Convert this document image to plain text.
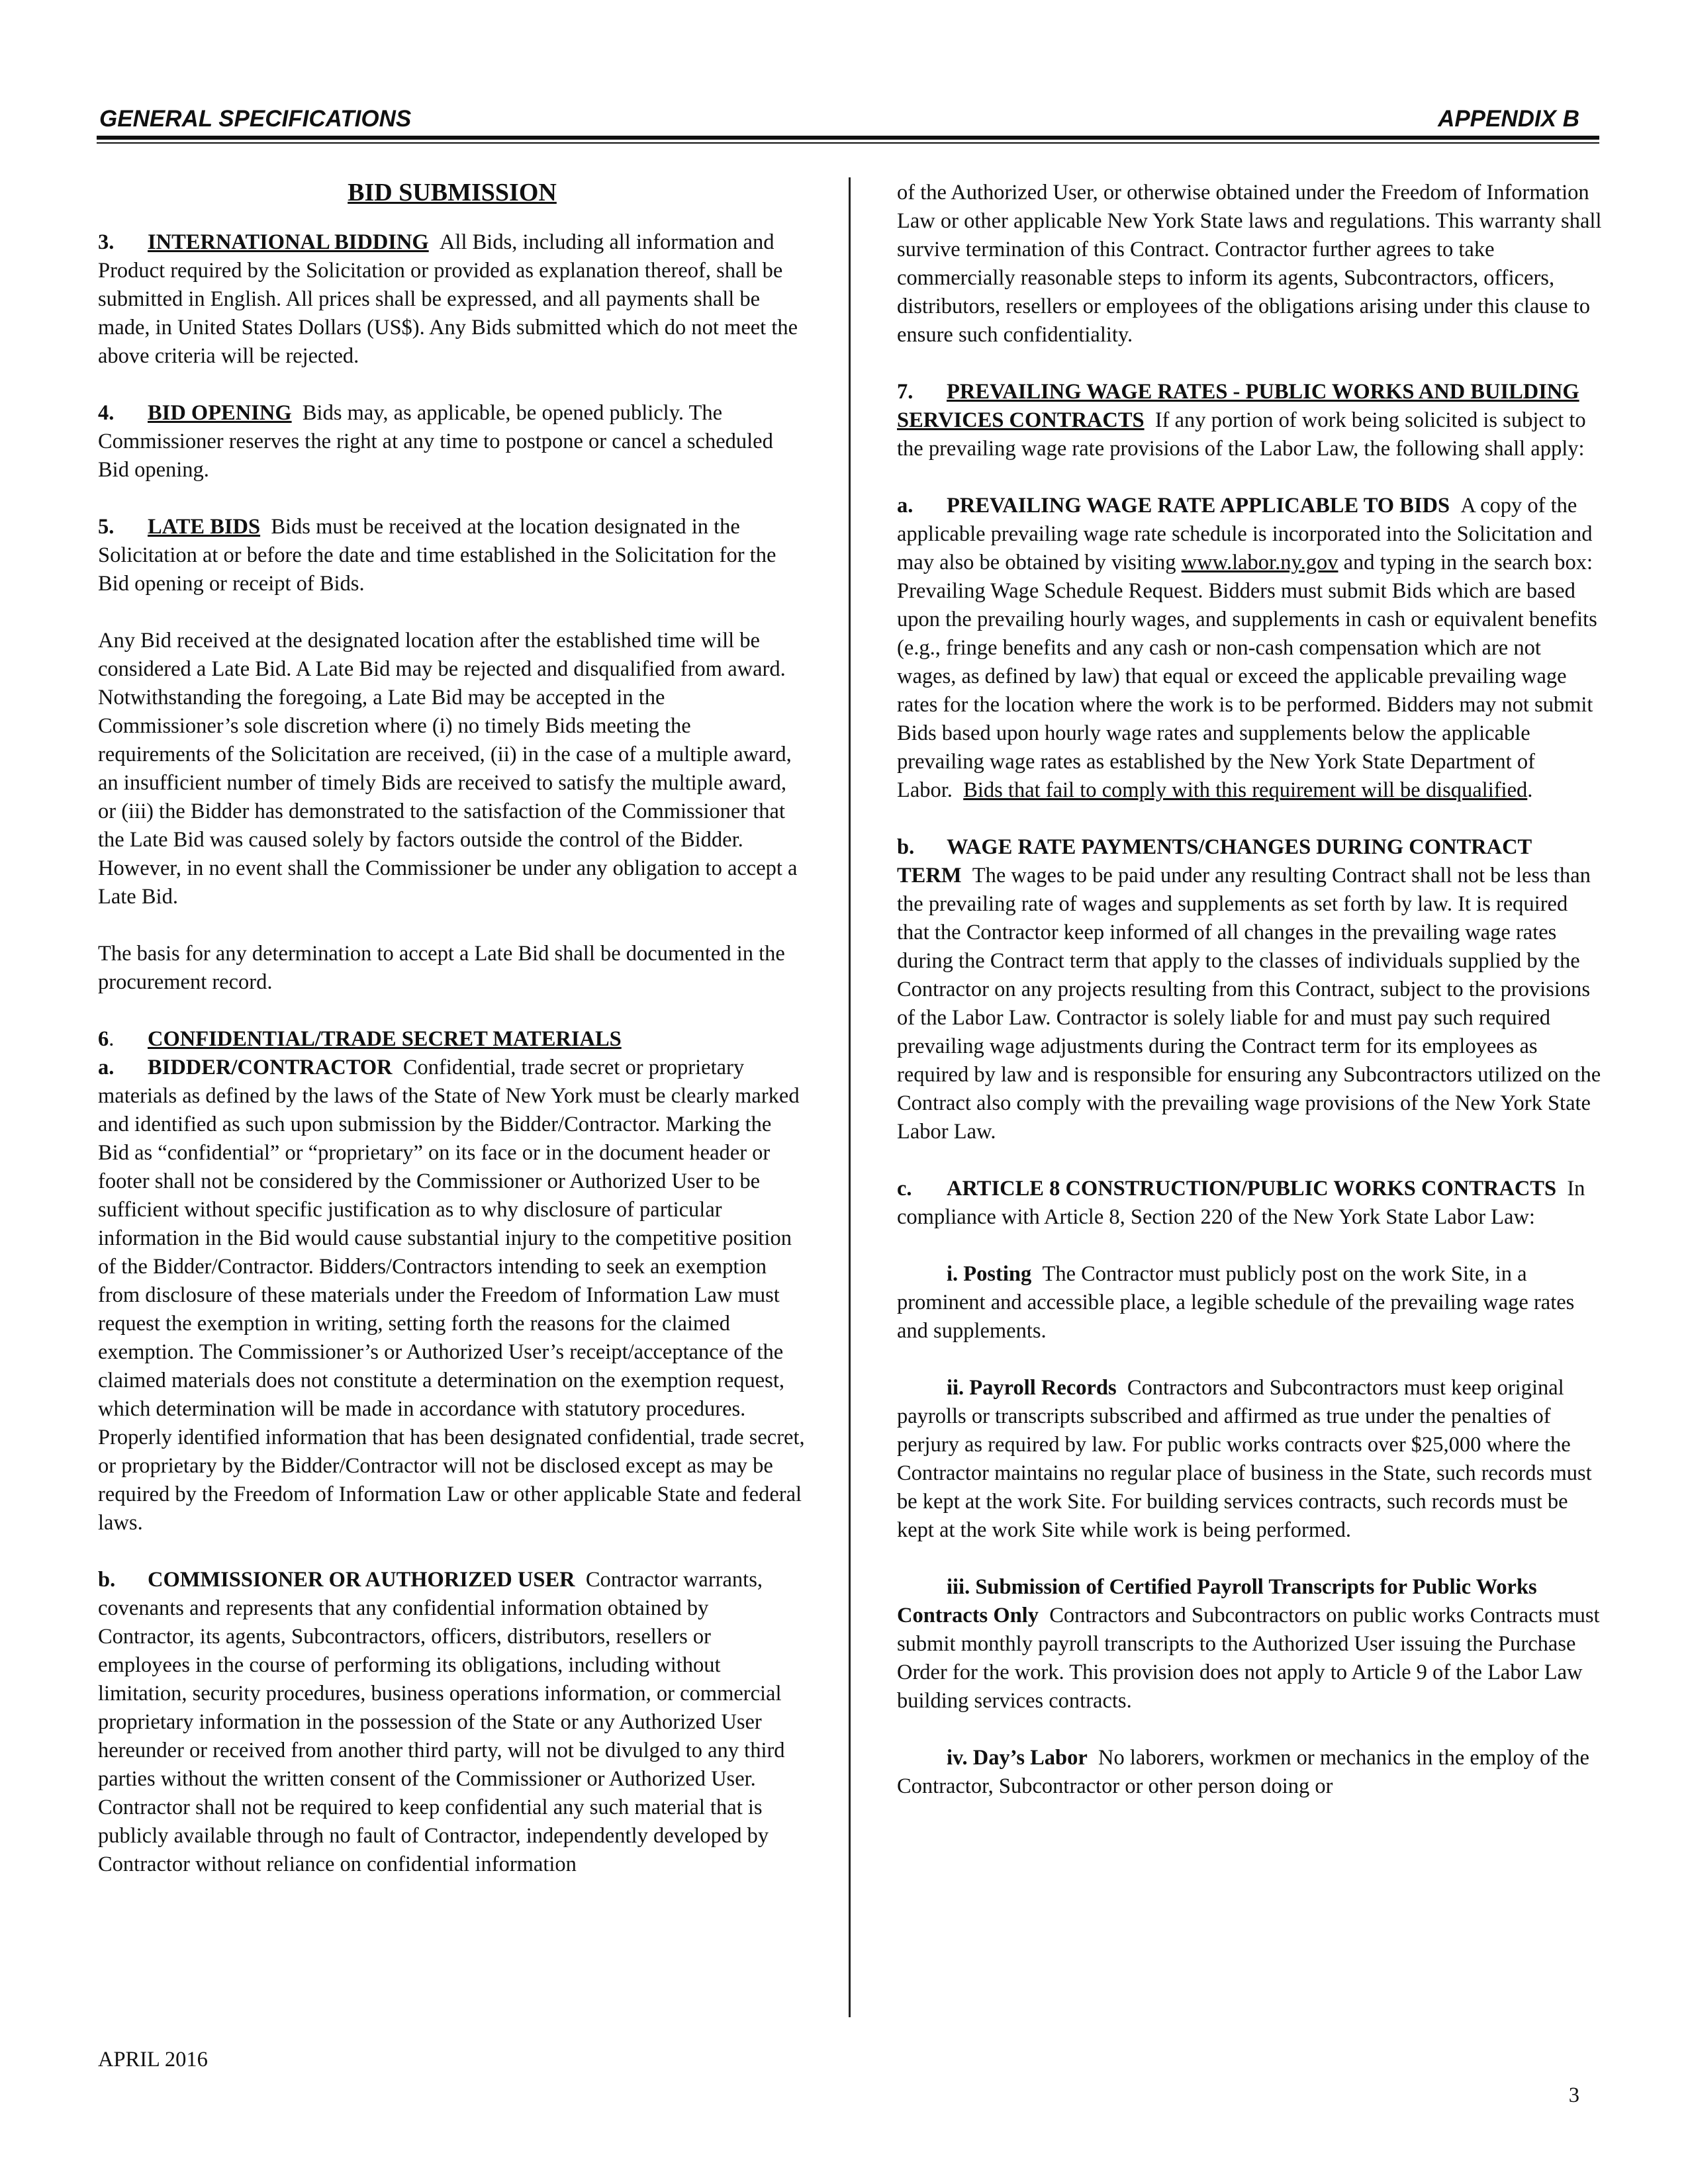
GENERAL SPECIFICATIONS	APPENDIX B
BID SUBMISSION

3. INTERNATIONAL BIDDING All Bids, including all information and Product required by the Solicitation or provided as explanation thereof, shall be submitted in English. All prices shall be expressed, and all payments shall be made, in United States Dollars (US$). Any Bids submitted which do not meet the above criteria will be rejected.

4. BID OPENING Bids may, as applicable, be opened publicly. The Commissioner reserves the right at any time to postpone or cancel a scheduled Bid opening.

5. LATE BIDS Bids must be received at the location designated in the Solicitation at or before the date and time established in the Solicitation for the Bid opening or receipt of Bids.

Any Bid received at the designated location after the established time will be considered a Late Bid. A Late Bid may be rejected and disqualified from award. Notwithstanding the foregoing, a Late Bid may be accepted in the Commissioner’s sole discretion where (i) no timely Bids meeting the requirements of the Solicitation are received, (ii) in the case of a multiple award, an insufficient number of timely Bids are received to satisfy the multiple award, or (iii) the Bidder has demonstrated to the satisfaction of the Commissioner that the Late Bid was caused solely by factors outside the control of the Bidder. However, in no event shall the Commissioner be under any obligation to accept a Late Bid.

The basis for any determination to accept a Late Bid shall be documented in the procurement record.

6. CONFIDENTIAL/TRADE SECRET MATERIALS

a. BIDDER/CONTRACTOR Confidential, trade secret or proprietary materials as defined by the laws of the State of New York must be clearly marked and identified as such upon submission by the Bidder/Contractor. Marking the Bid as “confidential” or “proprietary” on its face or in the document header or footer shall not be considered by the Commissioner or Authorized User to be sufficient without specific justification as to why disclosure of particular information in the Bid would cause substantial injury to the competitive position of the Bidder/Contractor. Bidders/Contractors intending to seek an exemption from disclosure of these materials under the Freedom of Information Law must request the exemption in writing, setting forth the reasons for the claimed exemption. The Commissioner’s or Authorized User’s receipt/acceptance of the claimed materials does not constitute a determination on the exemption request, which determination will be made in accordance with statutory procedures. Properly identified information that has been designated confidential, trade secret, or proprietary by the Bidder/Contractor will not be disclosed except as may be required by the Freedom of Information Law or other applicable State and federal laws.

b. COMMISSIONER OR AUTHORIZED USER Contractor warrants, covenants and represents that any confidential information obtained by Contractor, its agents, Subcontractors, officers, distributors, resellers or employees in the course of performing its obligations, including without limitation, security procedures, business operations information, or commercial proprietary information in the possession of the State or any Authorized User hereunder or received from another third party, will not be divulged to any third parties without the written consent of the Commissioner or Authorized User. Contractor shall not be required to keep confidential any such material that is publicly available through no fault of Contractor, independently developed by Contractor without reliance on confidential information

of the Authorized User, or otherwise obtained under the Freedom of Information Law or other applicable New York State laws and regulations. This warranty shall survive termination of this Contract. Contractor further agrees to take commercially reasonable steps to inform its agents, Subcontractors, officers, distributors, resellers or employees of the obligations arising under this clause to ensure such confidentiality.

7. PREVAILING WAGE RATES - PUBLIC WORKS AND BUILDING SERVICES CONTRACTS If any portion of work being solicited is subject to the prevailing wage rate provisions of the Labor Law, the following shall apply:

a. PREVAILING WAGE RATE APPLICABLE TO BIDS A copy of the applicable prevailing wage rate schedule is incorporated into the Solicitation and may also be obtained by visiting www.labor.ny.gov and typing in the search box: Prevailing Wage Schedule Request. Bidders must submit Bids which are based upon the prevailing hourly wages, and supplements in cash or equivalent benefits (e.g., fringe benefits and any cash or non-cash compensation which are not wages, as defined by law) that equal or exceed the applicable prevailing wage rates for the location where the work is to be performed. Bidders may not submit Bids based upon hourly wage rates and supplements below the applicable prevailing wage rates as established by the New York State Department of Labor. Bids that fail to comply with this requirement will be disqualified.

b. WAGE RATE PAYMENTS/CHANGES DURING CONTRACT TERM The wages to be paid under any resulting Contract shall not be less than the prevailing rate of wages and supplements as set forth by law. It is required that the Contractor keep informed of all changes in the prevailing wage rates during the Contract term that apply to the classes of individuals supplied by the Contractor on any projects resulting from this Contract, subject to the provisions of the Labor Law. Contractor is solely liable for and must pay such required prevailing wage adjustments during the Contract term for its employees as required by law and is responsible for ensuring any Subcontractors utilized on the Contract also comply with the prevailing wage provisions of the New York State Labor Law.

c. ARTICLE 8 CONSTRUCTION/PUBLIC WORKS CONTRACTS In compliance with Article 8, Section 220 of the New York State Labor Law:

i. Posting The Contractor must publicly post on the work Site, in a prominent and accessible place, a legible schedule of the prevailing wage rates and supplements.

ii. Payroll Records Contractors and Subcontractors must keep original payrolls or transcripts subscribed and affirmed as true under the penalties of perjury as required by law. For public works contracts over $25,000 where the Contractor maintains no regular place of business in the State, such records must be kept at the work Site. For building services contracts, such records must be kept at the work Site while work is being performed.

iii. Submission of Certified Payroll Transcripts for Public Works Contracts Only Contractors and Subcontractors on public works Contracts must submit monthly payroll transcripts to the Authorized User issuing the Purchase Order for the work. This provision does not apply to Article 9 of the Labor Law building services contracts.

iv. Day’s Labor No laborers, workmen or mechanics in the employ of the Contractor, Subcontractor or other person doing or

APRIL 2016
3
